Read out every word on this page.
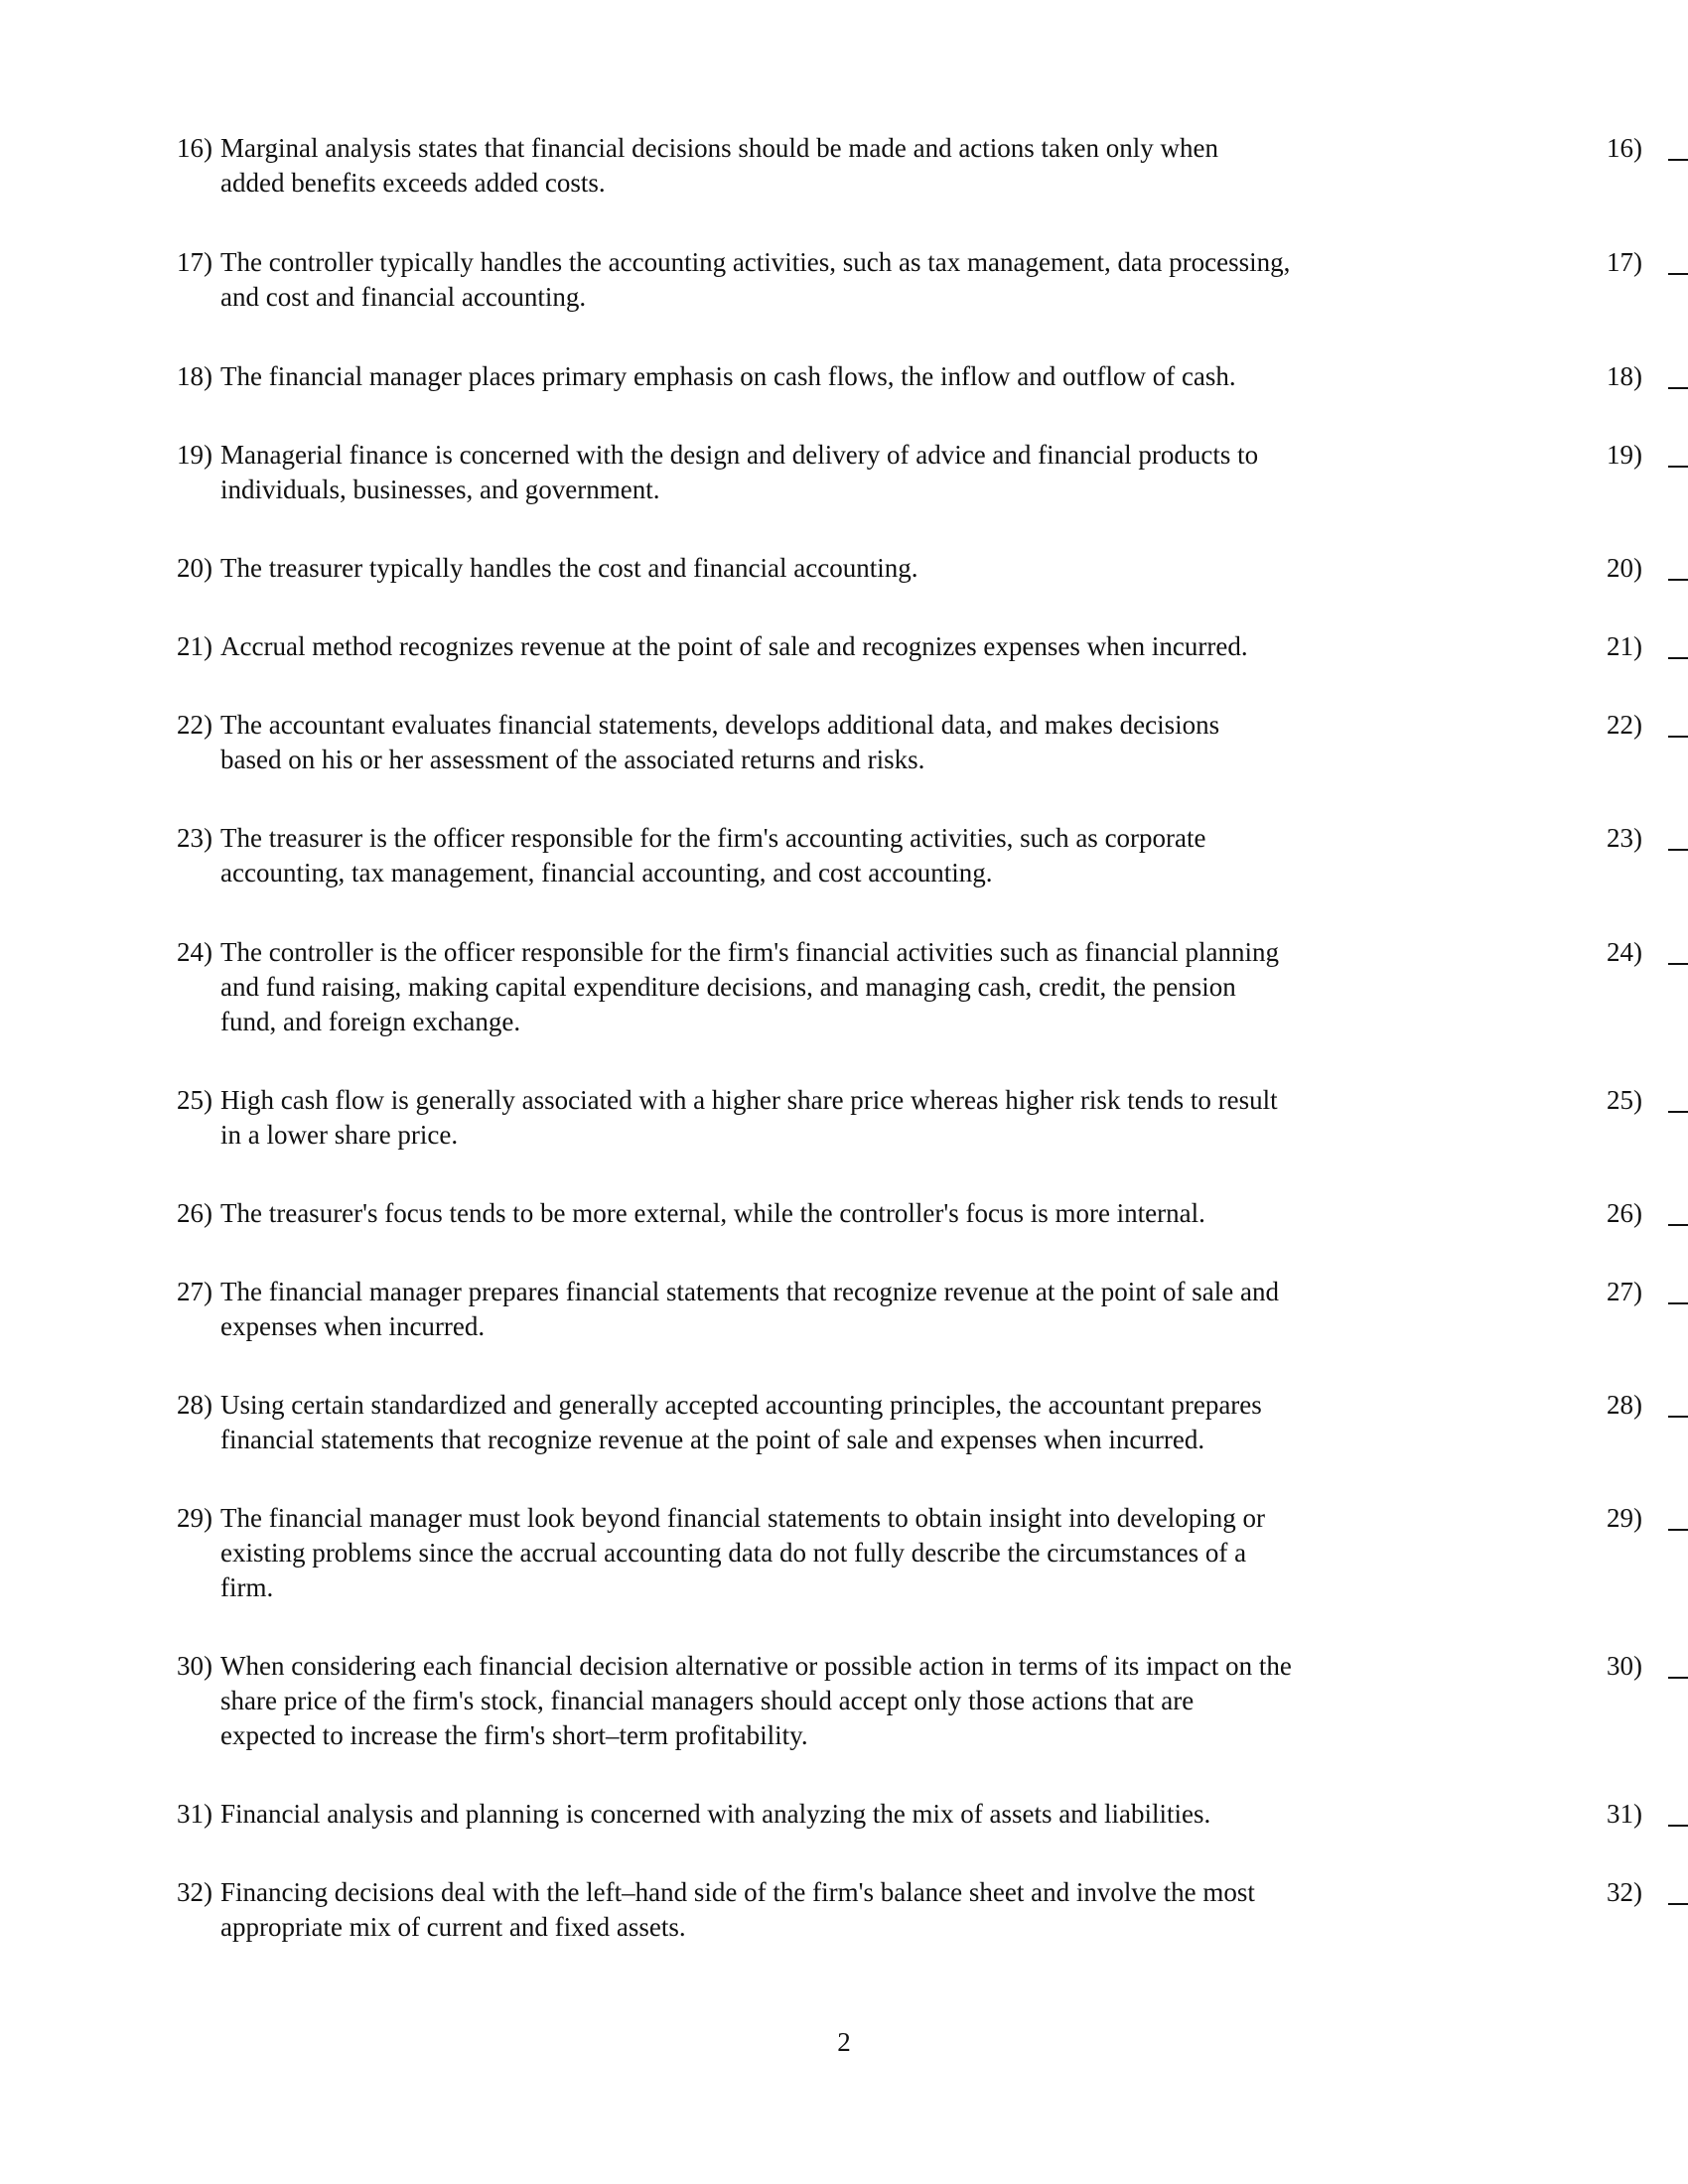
16) Marginal analysis states that financial decisions should be made and actions taken only when
added benefits exceeds added costs.
16)
17) The controller typically handles the accounting activities, such as tax management, data processing,
and cost and financial accounting.
17)
18) The financial manager places primary emphasis on cash flows, the inflow and outflow of cash.	18)
19) Managerial finance is concerned with the design and delivery of advice and financial products to
individuals, businesses, and government.
19)
20) The treasurer typically handles the cost and financial accounting.	20)
21) Accrual method recognizes revenue at the point of sale and recognizes expenses when incurred.	21)
22) The accountant evaluates financial statements, develops additional data, and makes decisions
based on his or her assessment of the associated returns and risks.
22)
23) The treasurer is the officer responsible for the firm's accounting activities, such as corporate
accounting, tax management, financial accounting, and cost accounting.
23)
24) The controller is the officer responsible for the firm's financial activities such as financial planning
and fund raising, making capital expenditure decisions, and managing cash, credit, the pension
fund, and foreign exchange.
24)
25) High cash flow is generally associated with a higher share price whereas higher risk tends to result
in a lower share price.
25)
26) The treasurer's focus tends to be more external, while the controller's focus is more internal.	26)
27) The financial manager prepares financial statements that recognize revenue at the point of sale and
expenses when incurred.
27)
28) Using certain standardized and generally accepted accounting principles, the accountant prepares
financial statements that recognize revenue at the point of sale and expenses when incurred.
28)
29) The financial manager must look beyond financial statements to obtain insight into developing or
existing problems since the accrual accounting data do not fully describe the circumstances of a
firm.
29)
30) When considering each financial decision alternative or possible action in terms of its impact on the
share price of the firm's stock, financial managers should accept only those actions that are
expected to increase the firm's short–term profitability.
30)
31) Financial analysis and planning is concerned with analyzing the mix of assets and liabilities.	31)
32) Financing decisions deal with the left–hand side of the firm's balance sheet and involve the most
appropriate mix of current and fixed assets.
32)
2
